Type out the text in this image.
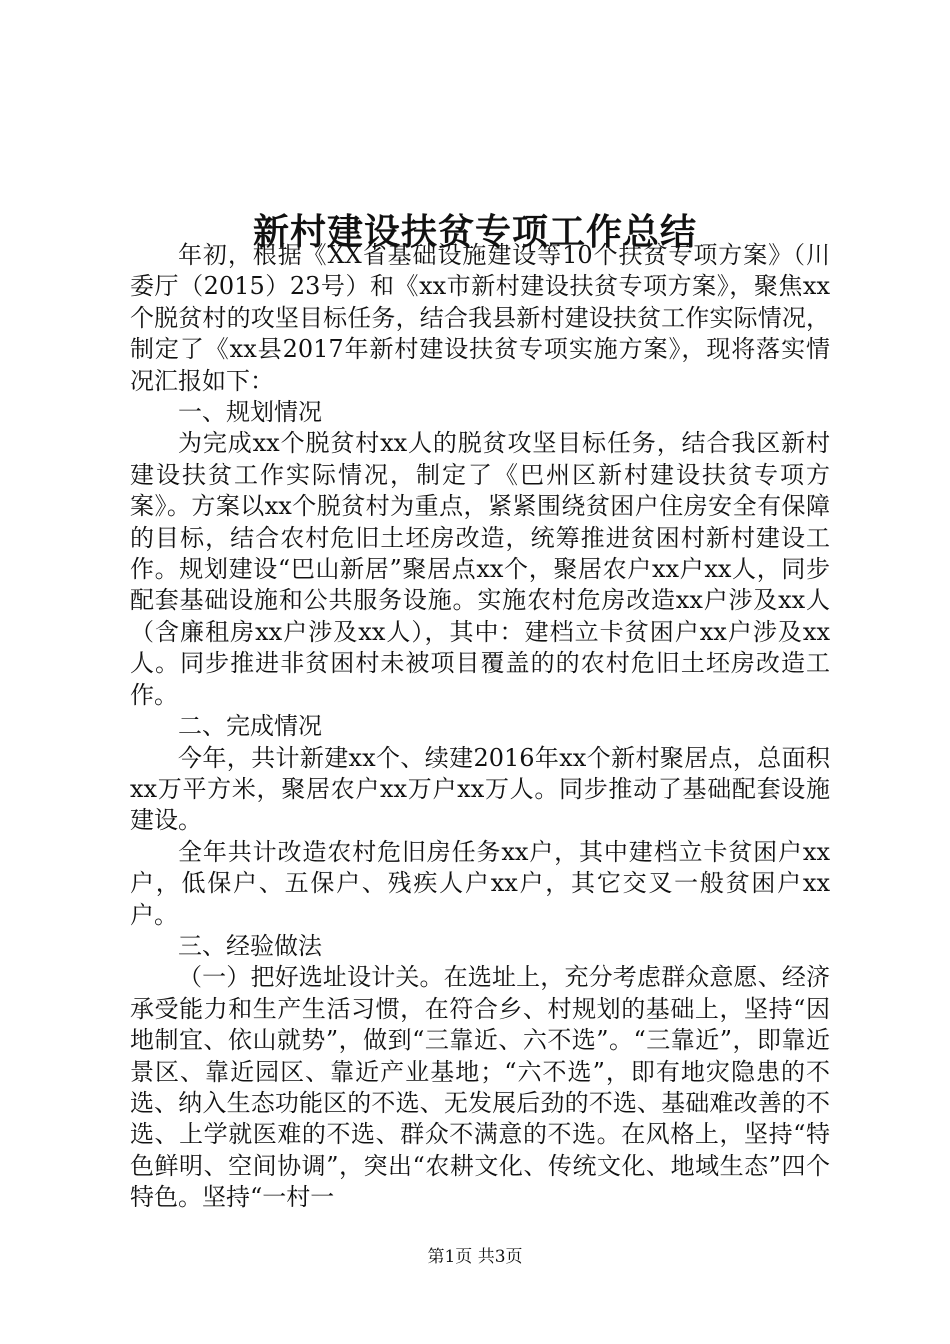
新村建设扶贫专项工作总结

年初，根据《XX省基础设施建设等10个扶贫专项方案》（川委厅（2015）23号）和《xx市新村建设扶贫专项方案》，聚焦xx个脱贫村的攻坚目标任务，结合我县新村建设扶贫工作实际情况，制定了《xx县2017年新村建设扶贫专项实施方案》，现将落实情况汇报如下：

一、规划情况

为完成xx个脱贫村xx人的脱贫攻坚目标任务，结合我区新村建设扶贫工作实际情况，制定了《巴州区新村建设扶贫专项方案》。方案以xx个脱贫村为重点，紧紧围绕贫困户住房安全有保障的目标，结合农村危旧土坯房改造，统筹推进贫困村新村建设工作。规划建设“巴山新居”聚居点xx个，聚居农户xx户xx人，同步配套基础设施和公共服务设施。实施农村危房改造xx户涉及xx人（含廉租房xx户涉及xx人），其中：建档立卡贫困户xx户涉及xx人。同步推进非贫困村未被项目覆盖的的农村危旧土坯房改造工作。

二、完成情况

今年，共计新建xx个、续建2016年xx个新村聚居点，总面积xx万平方米，聚居农户xx万户xx万人。同步推动了基础配套设施建设。

全年共计改造农村危旧房任务xx户，其中建档立卡贫困户xx户，低保户、五保户、残疾人户xx户，其它交叉一般贫困户xx户。

三、经验做法

（一）把好选址设计关。在选址上，充分考虑群众意愿、经济承受能力和生产生活习惯，在符合乡、村规划的基础上，坚持“因地制宜、依山就势”，做到“三靠近、六不选”。“三靠近”，即靠近景区、靠近园区、靠近产业基地；“六不选”，即有地灾隐患的不选、纳入生态功能区的不选、无发展后劲的不选、基础难改善的不选、上学就医难的不选、群众不满意的不选。在风格上，坚持“特色鲜明、空间协调”，突出“农耕文化、传统文化、地域生态”四个特色。坚持“一村一

第1页 共3页
